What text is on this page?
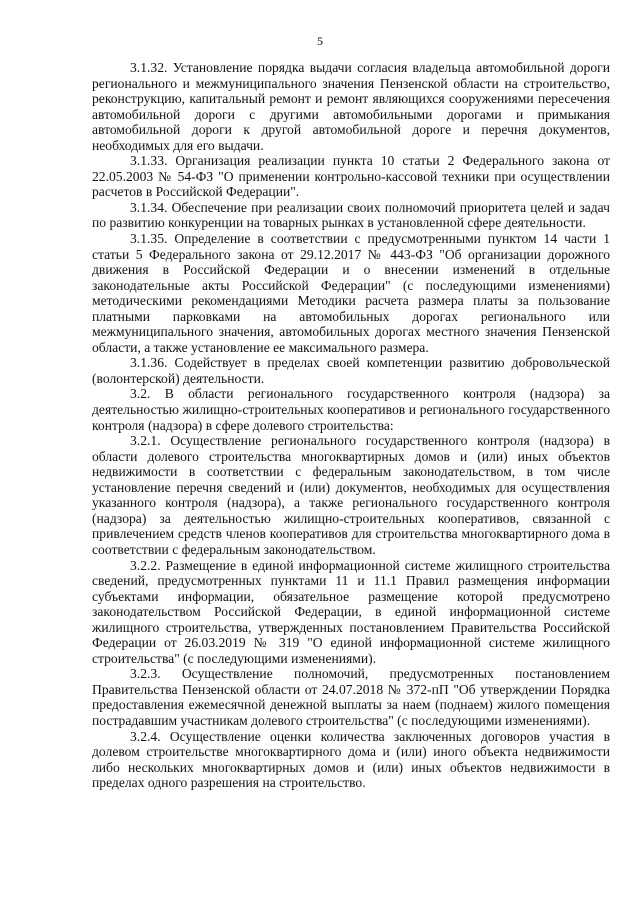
5

3.1.32. Установление порядка выдачи согласия владельца автомобильной дороги регионального и межмуниципального значения Пензенской области на строительство, реконструкцию, капитальный ремонт и ремонт являющихся сооружениями пересечения автомобильной дороги с другими автомобильными дорогами и примыкания автомобильной дороги к другой автомобильной дороге и перечня документов, необходимых для его выдачи.

3.1.33. Организация реализации пункта 10 статьи 2 Федерального закона от 22.05.2003 № 54-ФЗ "О применении контрольно-кассовой техники при осуществлении расчетов в Российской Федерации".

3.1.34. Обеспечение при реализации своих полномочий приоритета целей и задач по развитию конкуренции на товарных рынках в установленной сфере деятельности.

3.1.35. Определение в соответствии с предусмотренными пунктом 14 части 1 статьи 5 Федерального закона от 29.12.2017 № 443-ФЗ "Об организации дорожного движения в Российской Федерации и о внесении изменений в отдельные законодательные акты Российской Федерации" (с последующими изменениями) методическими рекомендациями Методики расчета размера платы за пользование платными парковками на автомобильных дорогах регионального или межмуниципального значения, автомобильных дорогах местного значения Пензенской области, а также установление ее максимального размера.

3.1.36. Содействует в пределах своей компетенции развитию добровольческой (волонтерской) деятельности.

3.2. В области регионального государственного контроля (надзора) за деятельностью жилищно-строительных кооперативов и регионального государственного контроля (надзора) в сфере долевого строительства:

3.2.1. Осуществление регионального государственного контроля (надзора) в области долевого строительства многоквартирных домов и (или) иных объектов недвижимости в соответствии с федеральным законодательством, в том числе установление перечня сведений и (или) документов, необходимых для осуществления указанного контроля (надзора), а также регионального государственного контроля (надзора) за деятельностью жилищно-строительных кооперативов, связанной с привлечением средств членов кооперативов для строительства многоквартирного дома в соответствии с федеральным законодательством.

3.2.2. Размещение в единой информационной системе жилищного строительства сведений, предусмотренных пунктами 11 и 11.1 Правил размещения информации субъектами информации, обязательное размещение которой предусмотрено законодательством Российской Федерации, в единой информационной системе жилищного строительства, утвержденных постановлением Правительства Российской Федерации от 26.03.2019 № 319 "О единой информационной системе жилищного строительства" (с последующими изменениями).

3.2.3. Осуществление полномочий, предусмотренных постановлением Правительства Пензенской области от 24.07.2018 № 372-пП "Об утверждении Порядка предоставления ежемесячной денежной выплаты за наем (поднаем) жилого помещения пострадавшим участникам долевого строительства" (с последующими изменениями).

3.2.4. Осуществление оценки количества заключенных договоров участия в долевом строительстве многоквартирного дома и (или) иного объекта недвижимости либо нескольких многоквартирных домов и (или) иных объектов недвижимости в пределах одного разрешения на строительство.
